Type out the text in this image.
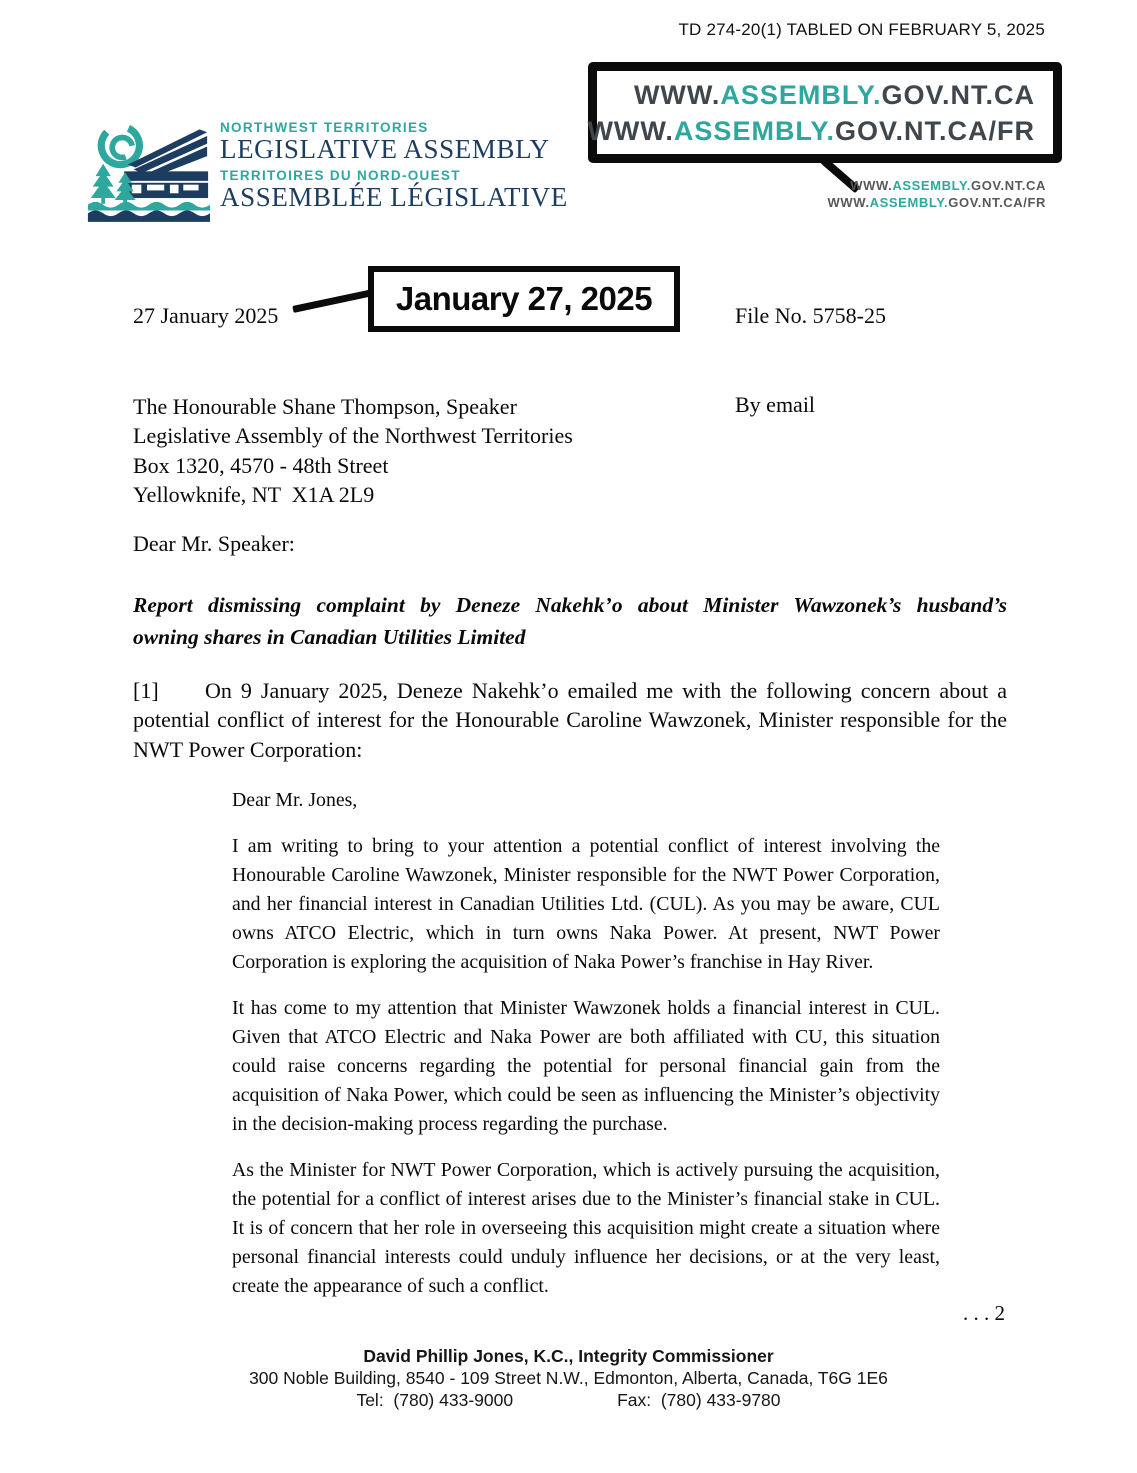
TD 274-20(1) TABLED ON FEBRUARY 5, 2025
WWW.ASSEMBLY.GOV.NT.CA
WWW.ASSEMBLY.GOV.NT.CA/FR
WWW.ASSEMBLY.GOV.NT.CA
WWW.ASSEMBLY.GOV.NT.CA/FR
NORTHWEST TERRITORIES
LEGISLATIVE ASSEMBLY
TERRITOIRES DU NORD-OUEST
ASSEMBLÉE LÉGISLATIVE
27 January 2025	January 27, 2025	File No. 5758-25
The Honourable Shane Thompson, Speaker
Legislative Assembly of the Northwest Territories
Box 1320, 4570 - 48th Street
Yellowknife, NT  X1A 2L9
By email
Dear Mr. Speaker:
Report dismissing complaint by Deneze Nakehk’o about Minister Wawzonek’s husband’s
owning shares in Canadian Utilities Limited
[1] On 9 January 2025, Deneze Nakehk’o emailed me with the following concern about a potential conflict of interest for the Honourable Caroline Wawzonek, Minister responsible for the NWT Power Corporation:

Dear Mr. Jones,

I am writing to bring to your attention a potential conflict of interest involving the Honourable Caroline Wawzonek, Minister responsible for the NWT Power Corporation, and her financial interest in Canadian Utilities Ltd. (CUL). As you may be aware, CUL owns ATCO Electric, which in turn owns Naka Power. At present, NWT Power Corporation is exploring the acquisition of Naka Power’s franchise in Hay River.

It has come to my attention that Minister Wawzonek holds a financial interest in CUL. Given that ATCO Electric and Naka Power are both affiliated with CU, this situation could raise concerns regarding the potential for personal financial gain from the acquisition of Naka Power, which could be seen as influencing the Minister’s objectivity in the decision-making process regarding the purchase.

As the Minister for NWT Power Corporation, which is actively pursuing the acquisition, the potential for a conflict of interest arises due to the Minister’s financial stake in CUL. It is of concern that her role in overseeing this acquisition might create a situation where personal financial interests could unduly influence her decisions, or at the very least, create the appearance of such a conflict.

. . . 2
David Phillip Jones, K.C., Integrity Commissioner
300 Noble Building, 8540 - 109 Street N.W., Edmonton, Alberta, Canada, T6G 1E6
Tel:  (780) 433-9000	Fax:  (780) 433-9780
